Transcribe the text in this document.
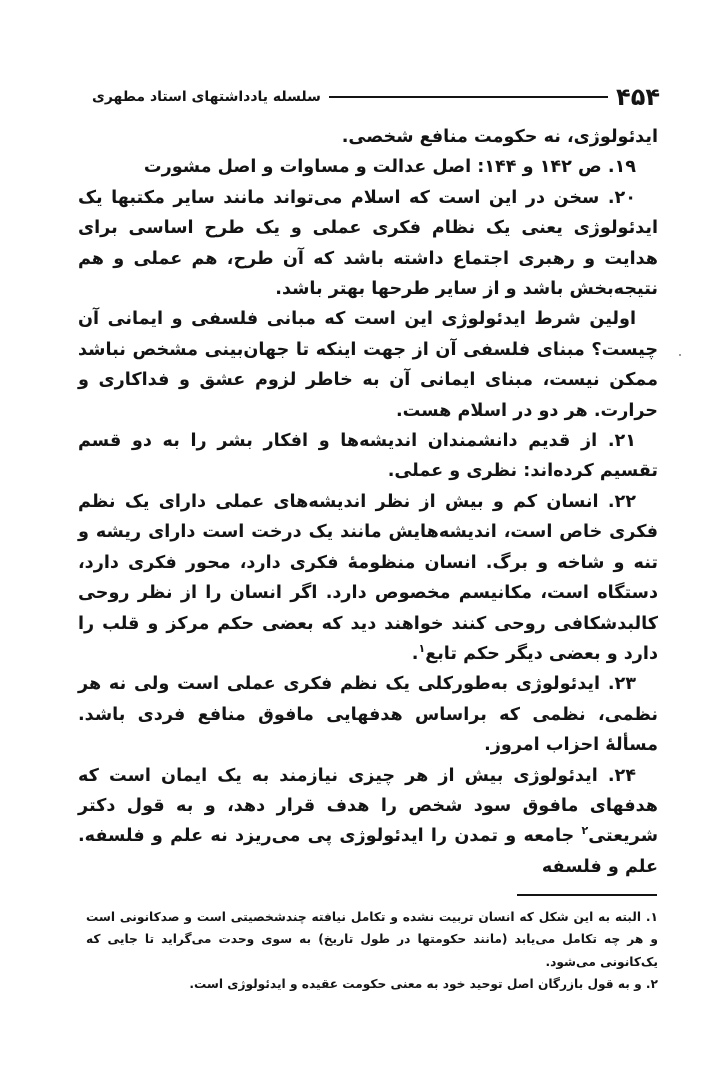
۴۵۴
سلسله یادداشتهای استاد مطهری

ایدئولوژی، نه حکومت منافع شخصی.

۱۹. ص ۱۴۲ و ۱۴۴: اصل عدالت و مساوات و اصل مشورت

۲۰. سخن در این است که اسلام می‌تواند مانند سایر مکتبها یک ایدئولوژی یعنی یک نظام فکری عملی و یک طرح اساسی برای هدایت و رهبری اجتماع داشته باشد که آن طرح، هم عملی و هم نتیجه‌بخش باشد و از سایر طرحها بهتر باشد.

اولین شرط ایدئولوژی این است که مبانی فلسفی و ایمانی آن چیست؟ مبنای فلسفی آن از جهت اینکه تا جهان‌بینی مشخص نباشد ممکن نیست، مبنای ایمانی آن به خاطر لزوم عشق و فداکاری و حرارت. هر دو در اسلام هست.

۲۱. از قدیم دانشمندان اندیشه‌ها و افکار بشر را به دو قسم تقسیم کرده‌اند: نظری و عملی.

۲۲. انسان کم و بیش از نظر اندیشه‌های عملی دارای یک نظم فکری خاص است، اندیشه‌هایش مانند یک درخت است دارای ریشه و تنه و شاخه و برگ. انسان منظومهٔ فکری دارد، محور فکری دارد، دستگاه است، مکانیسم مخصوص دارد. اگر انسان را از نظر روحی کالبدشکافی روحی کنند خواهند دید که بعضی حکم مرکز و قلب را دارد و بعضی دیگر حکم تابع$^۱$.

۲۳. ایدئولوژی به‌طورکلی یک نظم فکری عملی است ولی نه هر نظمی، نظمی که براساس هدفهایی مافوق منافع فردی باشد. مسألهٔ احزاب امروز.

۲۴. ایدئولوژی بیش از هر چیزی نیازمند به یک ایمان است که هدفهای مافوق سود شخص را هدف قرار دهد، و به قول دکتر شریعتی$^۲$ جامعه و تمدن را ایدئولوژی پی می‌ریزد نه علم و فلسفه. علم و فلسفه

۱. البته به این شکل که انسان تربیت نشده و تکامل نیافته چندشخصیتی است و صدکانونی است و هر چه تکامل می‌یابد (مانند حکومتها در طول تاریخ) به سوی وحدت می‌گراید تا جایی که یک‌کانونی می‌شود.

۲. و به قول بازرگان اصل توحید خود به معنی حکومت عقیده و ایدئولوژی است.
